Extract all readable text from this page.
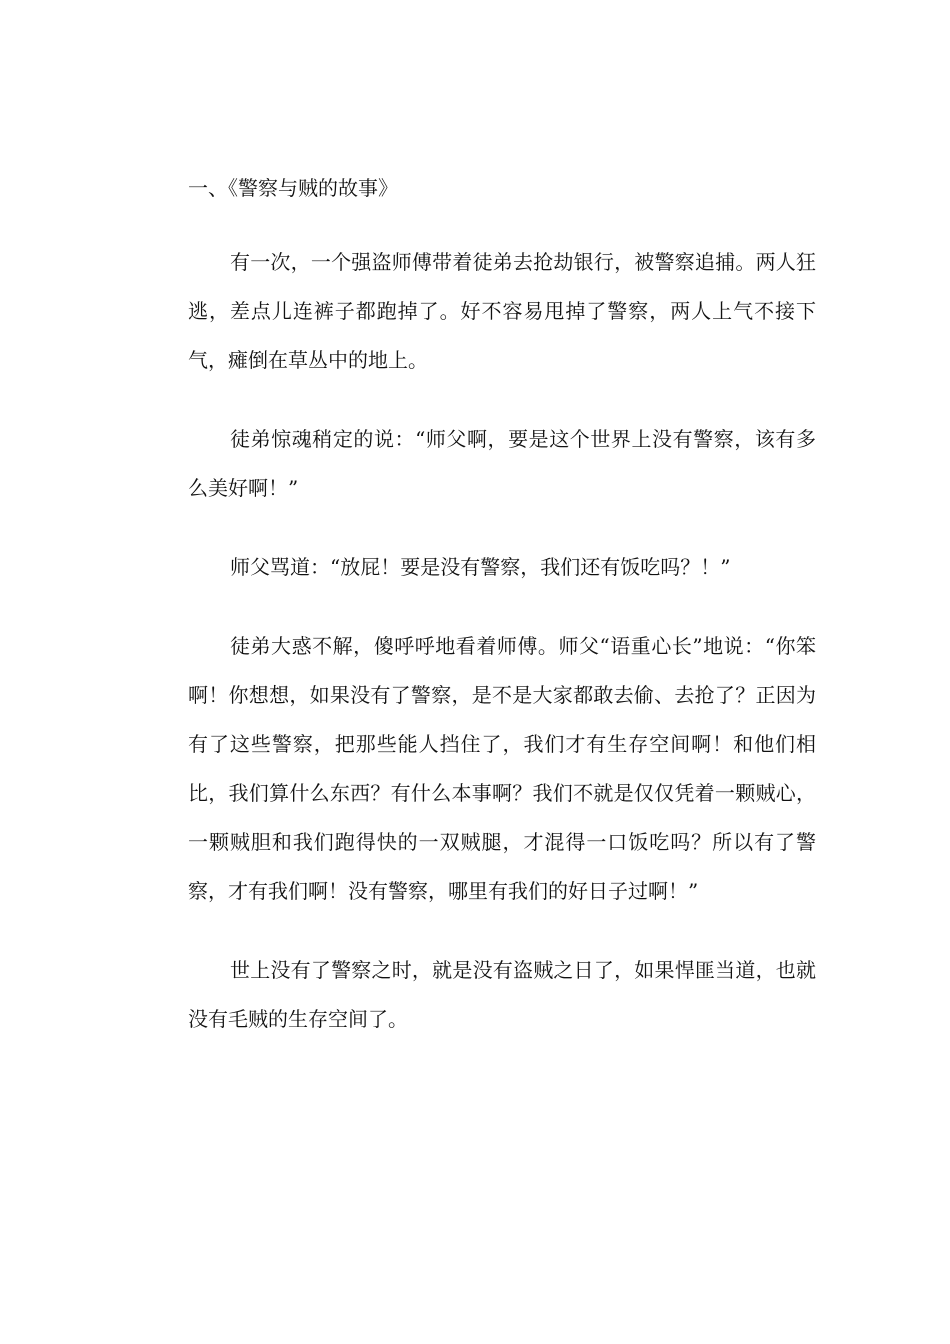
一、《警察与贼的故事》

有一次，一个强盗师傅带着徒弟去抢劫银行，被警察追捕。两人狂逃，差点儿连裤子都跑掉了。好不容易甩掉了警察，两人上气不接下气，瘫倒在草丛中的地上。

徒弟惊魂稍定的说：“师父啊，要是这个世界上没有警察，该有多么美好啊！”

师父骂道：“放屁！要是没有警察，我们还有饭吃吗？！”

徒弟大惑不解，傻呼呼地看着师傅。师父“语重心长”地说：“你笨啊！你想想，如果没有了警察，是不是大家都敢去偷、去抢了？正因为有了这些警察，把那些能人挡住了，我们才有生存空间啊！和他们相比，我们算什么东西？有什么本事啊？我们不就是仅仅凭着一颗贼心，一颗贼胆和我们跑得快的一双贼腿，才混得一口饭吃吗？所以有了警察，才有我们啊！没有警察，哪里有我们的好日子过啊！”

世上没有了警察之时，就是没有盗贼之日了，如果悍匪当道，也就没有毛贼的生存空间了。
